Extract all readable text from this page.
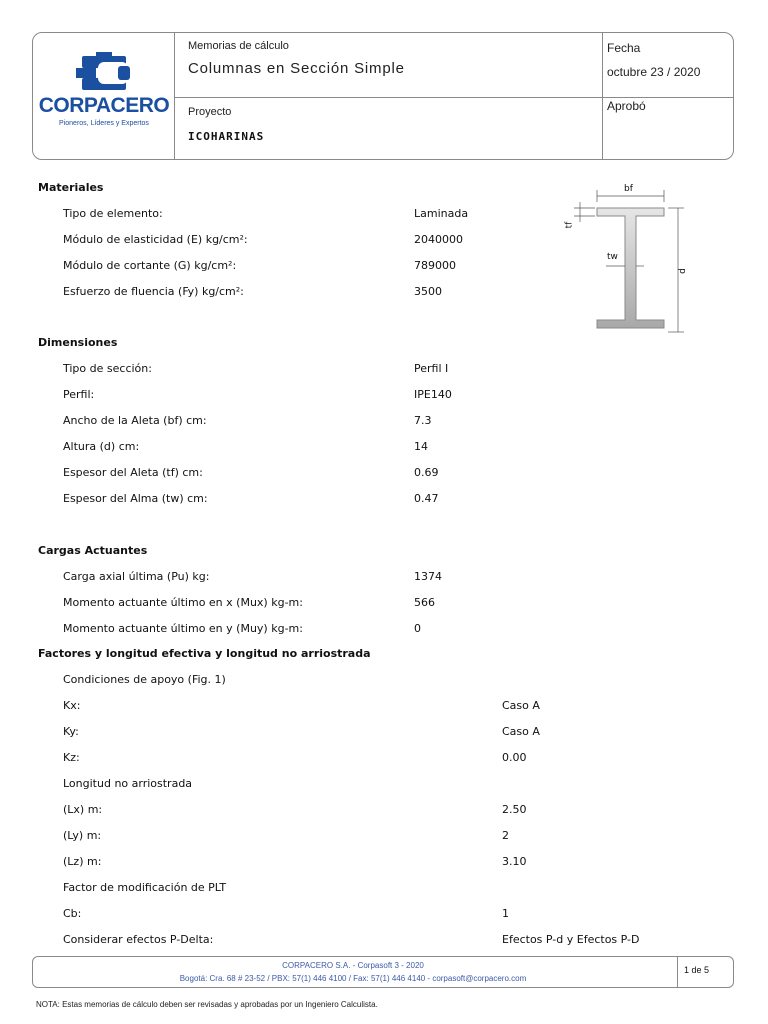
CORPACERO
Pioneros, Líderes y Expertos
Memorias de cálculo
Columnas en Sección Simple
Fecha
octubre 23 / 2020
Proyecto
ICOHARINAS
Aprobó
bf
tf
tw
d
Materiales
Tipo de elemento:	Laminada
Módulo de elasticidad (E) kg/cm²:	2040000
Módulo de cortante (G) kg/cm²:	789000
Esfuerzo de fluencia (Fy) kg/cm²:	3500
Dimensiones
Tipo de sección:	Perfil I
Perfil:	IPE140
Ancho de la Aleta (bf) cm:	7.3
Altura (d) cm:	14
Espesor del Aleta (tf) cm:	0.69
Espesor del Alma (tw) cm:	0.47
Cargas Actuantes
Carga axial última (Pu) kg:	1374
Momento actuante último en x (Mux) kg-m:	566
Momento actuante último en y (Muy) kg-m:	0
Factores y longitud efectiva y longitud no arriostrada
Condiciones de apoyo (Fig. 1)
Kx:	Caso A
Ky:	Caso A
Kz:	0.00
Longitud no arriostrada
(Lx) m:	2.50
(Ly) m:	2
(Lz) m:	3.10
Factor de modificación de PLT
Cb:	1
Considerar efectos P-Delta:	Efectos P-d y Efectos P-D
CORPACERO S.A. - Corpasoft 3 - 2020
Bogotá: Cra. 68 # 23-52 / PBX: 57(1) 446 4100 / Fax: 57(1) 446 4140 - corpasoft@corpacero.com
1 de 5
NOTA: Estas memorias de cálculo deben ser revisadas y aprobadas por un Ingeniero Calculista.
